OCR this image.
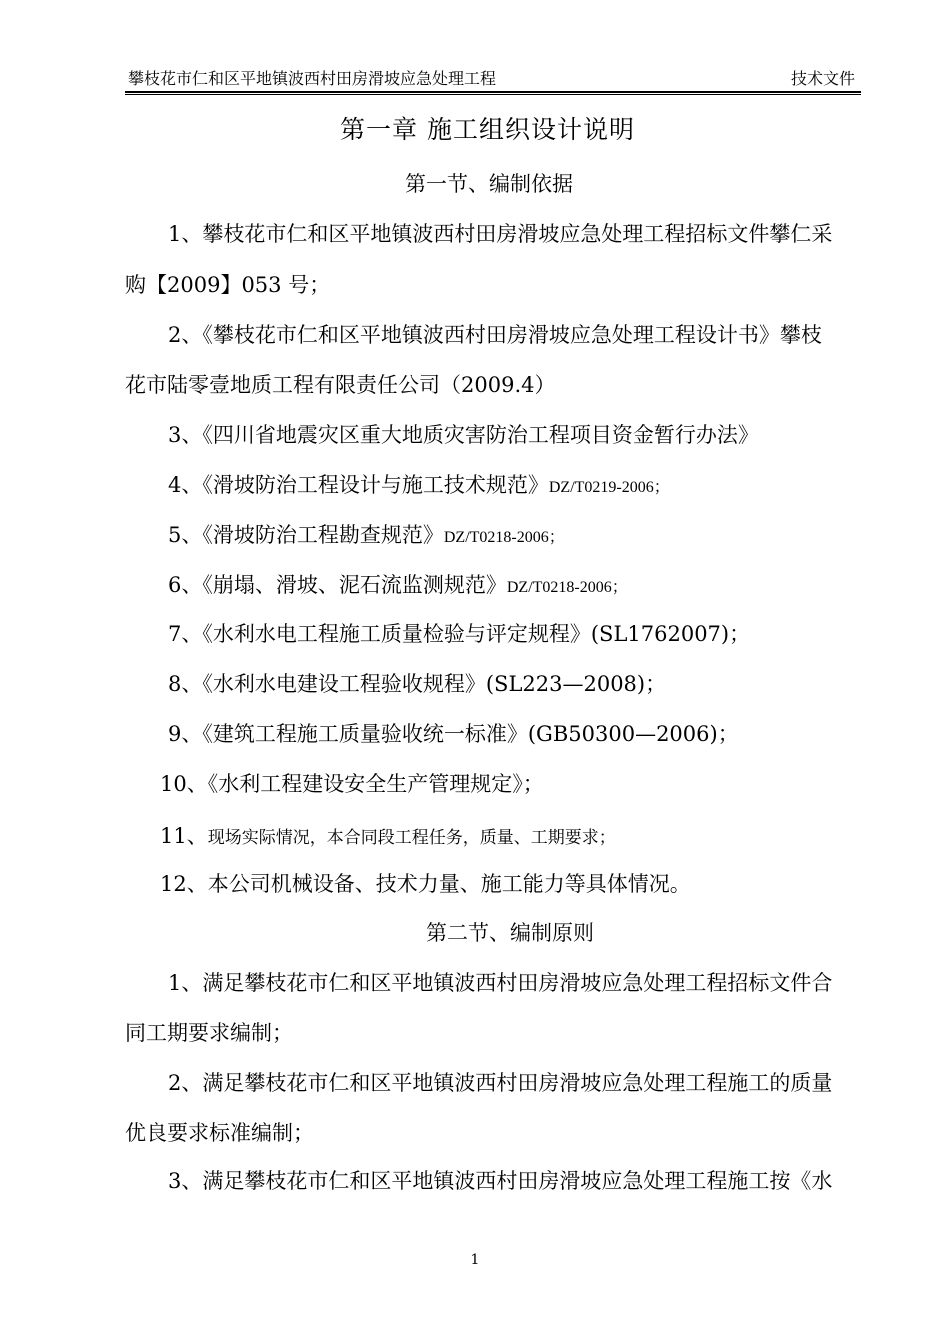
攀枝花市仁和区平地镇波西村田房滑坡应急处理工程	技术文件
第一章 施工组织设计说明
第一节、编制依据
1、攀枝花市仁和区平地镇波西村田房滑坡应急处理工程招标文件攀仁采
购【2009】053 号；
2、《攀枝花市仁和区平地镇波西村田房滑坡应急处理工程设计书》攀枝
花市陆零壹地质工程有限责任公司（2009.4）
3、《四川省地震灾区重大地质灾害防治工程项目资金暂行办法》
4、《滑坡防治工程设计与施工技术规范》DZ/T0219-2006；
5、《滑坡防治工程勘查规范》DZ/T0218-2006；
6、《崩塌、滑坡、泥石流监测规范》DZ/T0218-2006；
7、《水利水电工程施工质量检验与评定规程》(SL1762007)；
8、《水利水电建设工程验收规程》(SL223—2008)；
9、《建筑工程施工质量验收统一标准》(GB50300—2006)；
10、《水利工程建设安全生产管理规定》；
11、现场实际情况，本合同段工程任务，质量、工期要求；
12、本公司机械设备、技术力量、施工能力等具体情况。
第二节、编制原则
1、满足攀枝花市仁和区平地镇波西村田房滑坡应急处理工程招标文件合
同工期要求编制；
2、满足攀枝花市仁和区平地镇波西村田房滑坡应急处理工程施工的质量
优良要求标准编制；
3、满足攀枝花市仁和区平地镇波西村田房滑坡应急处理工程施工按《水
1
